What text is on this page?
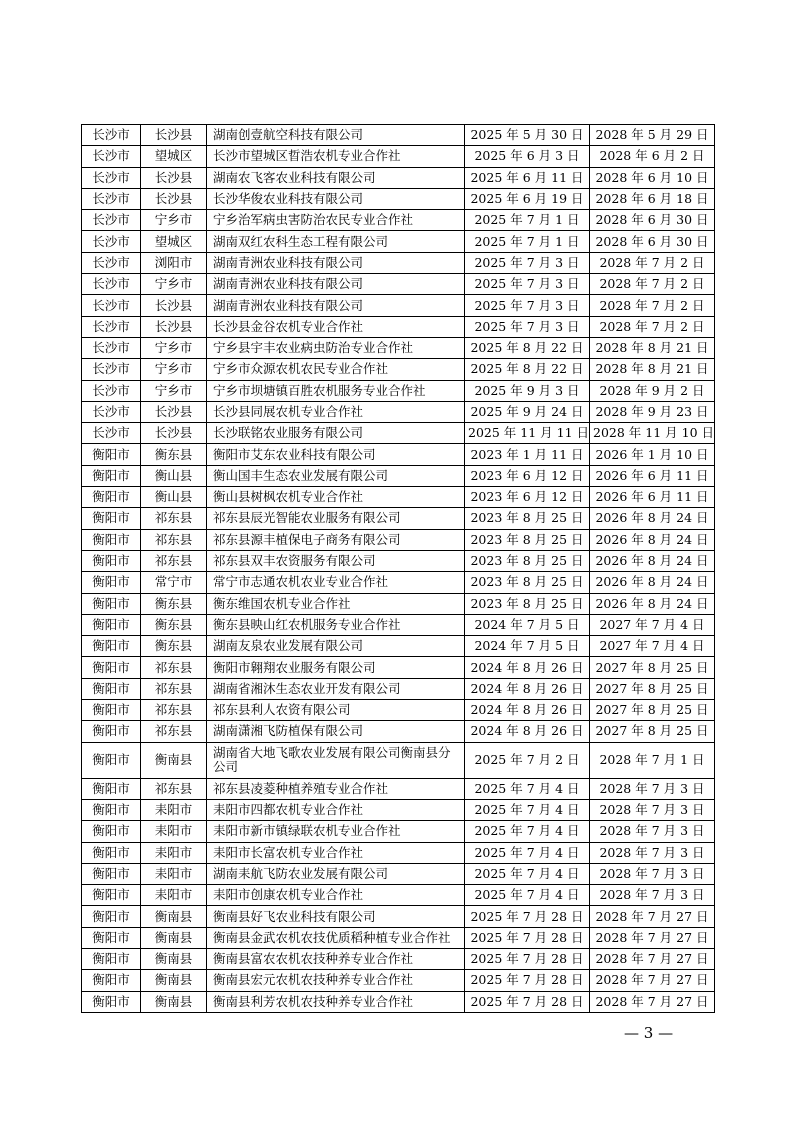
长沙市	长沙县	湖南创壹航空科技有限公司	2025 年 5 月 30 日	2028 年 5 月 29 日
长沙市	望城区	长沙市望城区晢浩农机专业合作社	2025 年 6 月 3 日	2028 年 6 月 2 日
长沙市	长沙县	湖南农飞客农业科技有限公司	2025 年 6 月 11 日	2028 年 6 月 10 日
长沙市	长沙县	长沙华俊农业科技有限公司	2025 年 6 月 19 日	2028 年 6 月 18 日
长沙市	宁乡市	宁乡治军病虫害防治农民专业合作社	2025 年 7 月 1 日	2028 年 6 月 30 日
长沙市	望城区	湖南双红农科生态工程有限公司	2025 年 7 月 1 日	2028 年 6 月 30 日
长沙市	浏阳市	湖南青洲农业科技有限公司	2025 年 7 月 3 日	2028 年 7 月 2 日
长沙市	宁乡市	湖南青洲农业科技有限公司	2025 年 7 月 3 日	2028 年 7 月 2 日
长沙市	长沙县	湖南青洲农业科技有限公司	2025 年 7 月 3 日	2028 年 7 月 2 日
长沙市	长沙县	长沙县金谷农机专业合作社	2025 年 7 月 3 日	2028 年 7 月 2 日
长沙市	宁乡市	宁乡县宇丰农业病虫防治专业合作社	2025 年 8 月 22 日	2028 年 8 月 21 日
长沙市	宁乡市	宁乡市众源农机农民专业合作社	2025 年 8 月 22 日	2028 年 8 月 21 日
长沙市	宁乡市	宁乡市坝塘镇百胜农机服务专业合作社	2025 年 9 月 3 日	2028 年 9 月 2 日
长沙市	长沙县	长沙县同展农机专业合作社	2025 年 9 月 24 日	2028 年 9 月 23 日
长沙市	长沙县	长沙联铭农业服务有限公司	2025 年 11 月 11 日	2028 年 11 月 10 日
衡阳市	衡东县	衡阳市艾东农业科技有限公司	2023 年 1 月 11 日	2026 年 1 月 10 日
衡阳市	衡山县	衡山国丰生态农业发展有限公司	2023 年 6 月 12 日	2026 年 6 月 11 日
衡阳市	衡山县	衡山县树枫农机专业合作社	2023 年 6 月 12 日	2026 年 6 月 11 日
衡阳市	祁东县	祁东县辰光智能农业服务有限公司	2023 年 8 月 25 日	2026 年 8 月 24 日
衡阳市	祁东县	祁东县源丰植保电子商务有限公司	2023 年 8 月 25 日	2026 年 8 月 24 日
衡阳市	祁东县	祁东县双丰农资服务有限公司	2023 年 8 月 25 日	2026 年 8 月 24 日
衡阳市	常宁市	常宁市志通农机农业专业合作社	2023 年 8 月 25 日	2026 年 8 月 24 日
衡阳市	衡东县	衡东维国农机专业合作社	2023 年 8 月 25 日	2026 年 8 月 24 日
衡阳市	衡东县	衡东县映山红农机服务专业合作社	2024 年 7 月 5 日	2027 年 7 月 4 日
衡阳市	衡东县	湖南友泉农业发展有限公司	2024 年 7 月 5 日	2027 年 7 月 4 日
衡阳市	祁东县	衡阳市翱翔农业服务有限公司	2024 年 8 月 26 日	2027 年 8 月 25 日
衡阳市	祁东县	湖南省湘沐生态农业开发有限公司	2024 年 8 月 26 日	2027 年 8 月 25 日
衡阳市	祁东县	祁东县利人农资有限公司	2024 年 8 月 26 日	2027 年 8 月 25 日
衡阳市	祁东县	湖南潇湘飞防植保有限公司	2024 年 8 月 26 日	2027 年 8 月 25 日
衡阳市	衡南县	湖南省大地飞歌农业发展有限公司衡南县分公司	2025 年 7 月 2 日	2028 年 7 月 1 日
衡阳市	祁东县	祁东县凌菱种植养殖专业合作社	2025 年 7 月 4 日	2028 年 7 月 3 日
衡阳市	耒阳市	耒阳市四都农机专业合作社	2025 年 7 月 4 日	2028 年 7 月 3 日
衡阳市	耒阳市	耒阳市新市镇绿联农机专业合作社	2025 年 7 月 4 日	2028 年 7 月 3 日
衡阳市	耒阳市	耒阳市长富农机专业合作社	2025 年 7 月 4 日	2028 年 7 月 3 日
衡阳市	耒阳市	湖南耒航飞防农业发展有限公司	2025 年 7 月 4 日	2028 年 7 月 3 日
衡阳市	耒阳市	耒阳市创康农机专业合作社	2025 年 7 月 4 日	2028 年 7 月 3 日
衡阳市	衡南县	衡南县好飞农业科技有限公司	2025 年 7 月 28 日	2028 年 7 月 27 日
衡阳市	衡南县	衡南县金武农机农技优质稻种植专业合作社	2025 年 7 月 28 日	2028 年 7 月 27 日
衡阳市	衡南县	衡南县富农农机农技种养专业合作社	2025 年 7 月 28 日	2028 年 7 月 27 日
衡阳市	衡南县	衡南县宏元农机农技种养专业合作社	2025 年 7 月 28 日	2028 年 7 月 27 日
衡阳市	衡南县	衡南县利芳农机农技种养专业合作社	2025 年 7 月 28 日	2028 年 7 月 27 日
— 3 —
